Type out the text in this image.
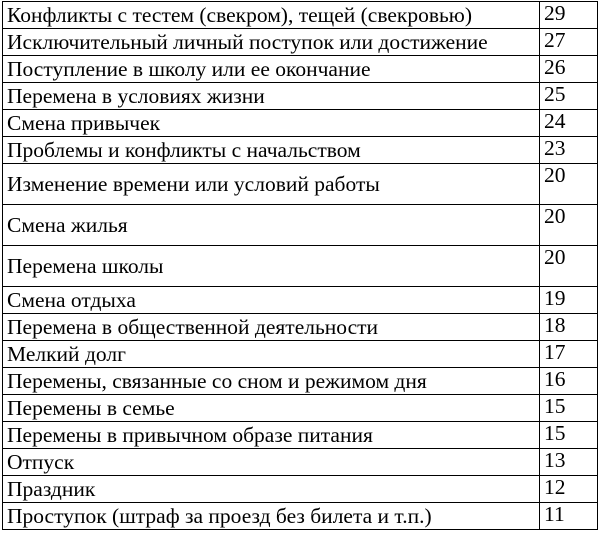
Конфликты с тестем (свекром), тещей (свекровью)	29
Исключительный личный поступок или достижение	27
Поступление в школу или ее окончание	26
Перемена в условиях жизни	25
Смена привычек	24
Проблемы и конфликты с начальством	23
Изменение времени или условий работы	20
Смена жилья	20
Перемена школы	20
Смена отдыха	19
Перемена в общественной деятельности	18
Мелкий долг	17
Перемены, связанные со сном и режимом дня	16
Перемены в семье	15
Перемены в привычном образе питания	15
Отпуск	13
Праздник	12
Проступок (штраф за проезд без билета и т.п.)	11
